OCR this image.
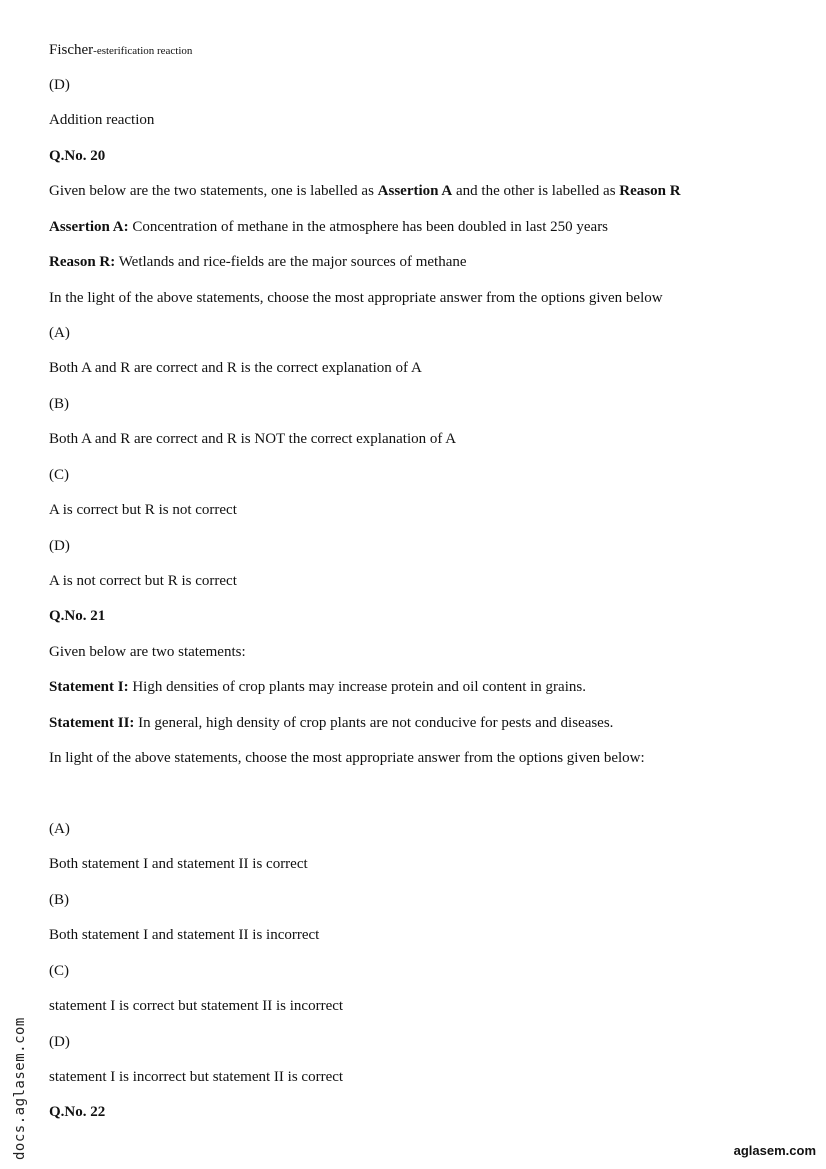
Fischer-esterification reaction
(D)
Addition reaction
Q.No. 20
Given below are the two statements, one is labelled as Assertion A and the other is labelled as Reason R
Assertion A: Concentration of methane in the atmosphere has been doubled in last 250 years
Reason R: Wetlands and rice-fields are the major sources of methane
In the light of the above statements, choose the most appropriate answer from the options given below
(A)
Both A and R are correct and R is the correct explanation of A
(B)
Both A and R are correct and R is NOT the correct explanation of A
(C)
A is correct but R is not correct
(D)
A is not correct but R is correct
Q.No. 21
Given below are two statements:
Statement I: High densities of crop plants may increase protein and oil content in grains.
Statement II: In general, high density of crop plants are not conducive for pests and diseases.
In light of the above statements, choose the most appropriate answer from the options given below:
(A)
Both statement I and statement II is correct
(B)
Both statement I and statement II is incorrect
(C)
statement I is correct but statement II is incorrect
(D)
statement I is incorrect but statement II is correct
Q.No. 22
docs.aglasem.com	aglasem.com
